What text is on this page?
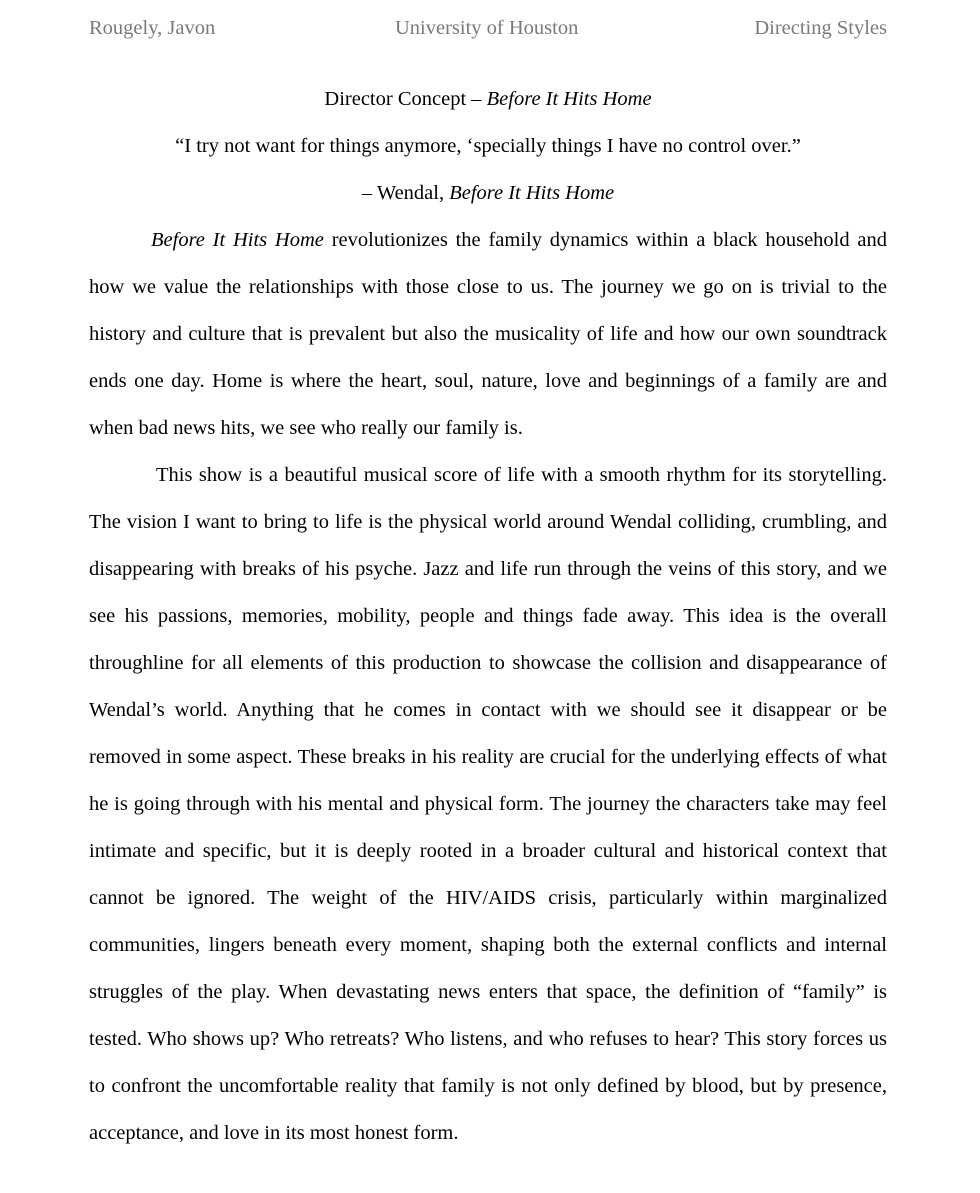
Rougely, Javon	University of Houston	Directing Styles

Director Concept – Before It Hits Home

“I try not want for things anymore, ‘specially things I have no control over.”

– Wendal, Before It Hits Home

Before It Hits Home revolutionizes the family dynamics within a black household and how we value the relationships with those close to us. The journey we go on is trivial to the history and culture that is prevalent but also the musicality of life and how our own soundtrack ends one day. Home is where the heart, soul, nature, love and beginnings of a family are and when bad news hits, we see who really our family is.

This show is a beautiful musical score of life with a smooth rhythm for its storytelling. The vision I want to bring to life is the physical world around Wendal colliding, crumbling, and disappearing with breaks of his psyche. Jazz and life run through the veins of this story, and we see his passions, memories, mobility, people and things fade away. This idea is the overall throughline for all elements of this production to showcase the collision and disappearance of Wendal’s world. Anything that he comes in contact with we should see it disappear or be removed in some aspect. These breaks in his reality are crucial for the underlying effects of what he is going through with his mental and physical form. The journey the characters take may feel intimate and specific, but it is deeply rooted in a broader cultural and historical context that cannot be ignored. The weight of the HIV/AIDS crisis, particularly within marginalized communities, lingers beneath every moment, shaping both the external conflicts and internal struggles of the play. When devastating news enters that space, the definition of “family” is tested. Who shows up? Who retreats? Who listens, and who refuses to hear? This story forces us to confront the uncomfortable reality that family is not only defined by blood, but by presence, acceptance, and love in its most honest form.
